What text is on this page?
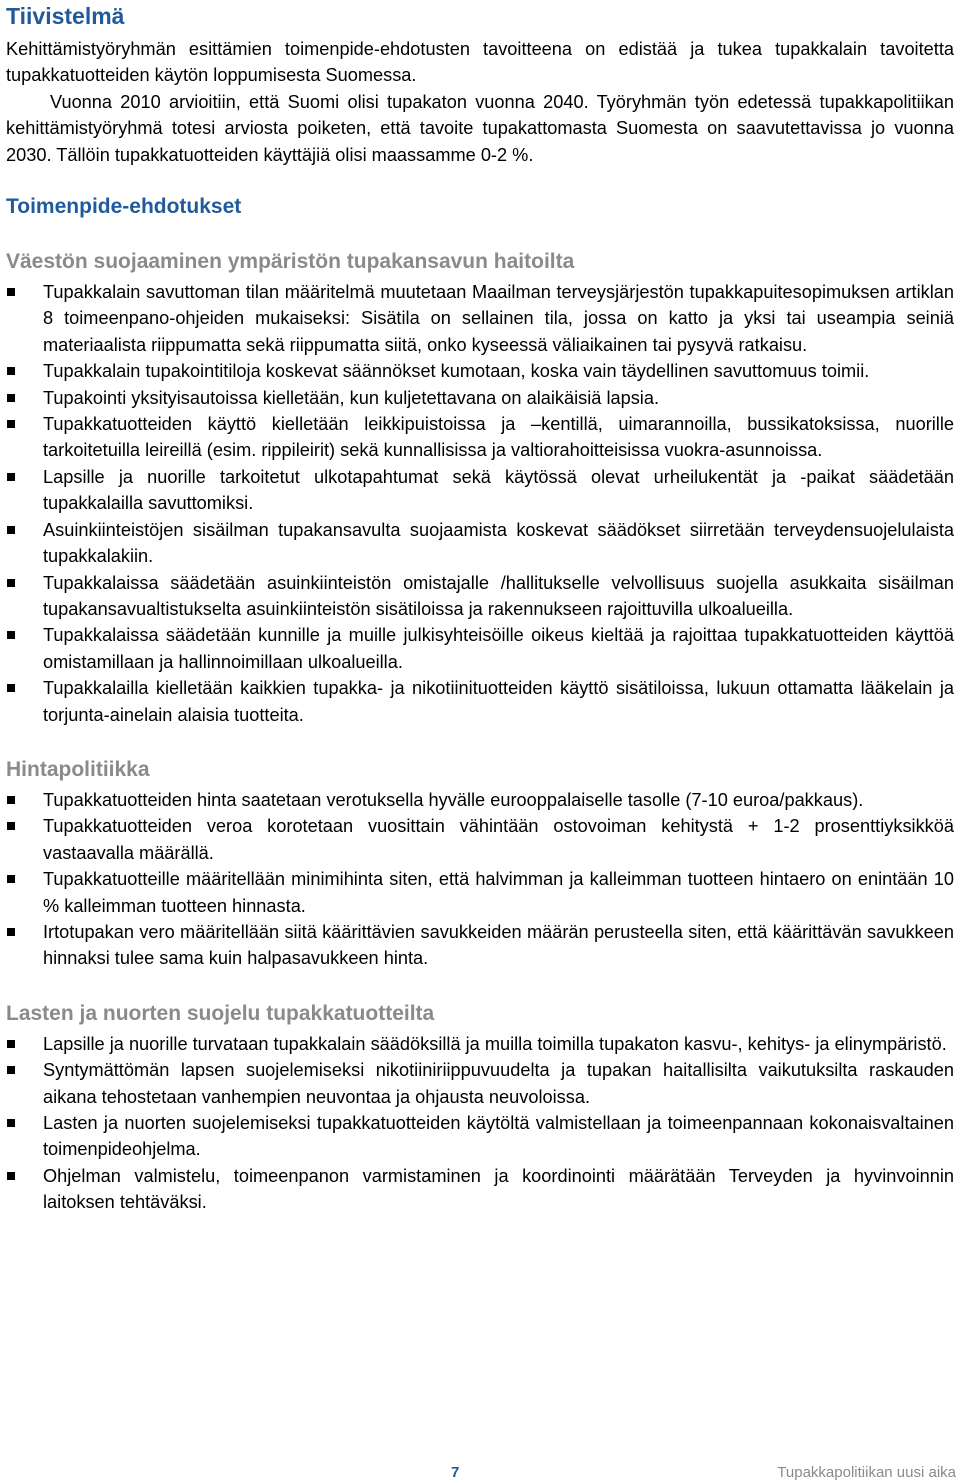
Tiivistelmä

Kehittämistyöryhmän esittämien toimenpide-ehdotusten tavoitteena on edistää ja tukea tupakkalain tavoitetta tupakkatuotteiden käytön loppumisesta Suomessa.
Vuonna 2010 arvioitiin, että Suomi olisi tupakaton vuonna 2040. Työryhmän työn edetessä tupakkapolitiikan kehittämistyöryhmä totesi arviosta poiketen, että tavoite tupakattomasta Suomesta on saavutettavissa jo vuonna 2030. Tällöin tupakkatuotteiden käyttäjiä olisi maassamme 0-2 %.

Toimenpide-ehdotukset
Väestön suojaaminen ympäristön tupakansavun haitoilta
Tupakkalain savuttoman tilan määritelmä muutetaan Maailman terveysjärjestön tupakkapuitesopimuksen artiklan 8 toimeenpano-ohjeiden mukaiseksi: Sisätila on sellainen tila, jossa on katto ja yksi tai useampia seiniä materiaalista riippumatta sekä riippumatta siitä, onko kyseessä väliaikainen tai pysyvä ratkaisu.
Tupakkalain tupakointitiloja koskevat säännökset kumotaan, koska vain täydellinen savuttomuus toimii.
Tupakointi yksityisautoissa kielletään, kun kuljetettavana on alaikäisiä lapsia.
Tupakkatuotteiden käyttö kielletään leikkipuistoissa ja –kentillä, uimarannoilla, bussikatoksissa, nuorille tarkoitetuilla leireillä (esim. rippileirit) sekä kunnallisissa ja valtiorahoitteisissa vuokra-asunnoissa.
Lapsille ja nuorille tarkoitetut ulkotapahtumat sekä käytössä olevat urheilukentät ja -paikat säädetään tupakkalailla savuttomiksi.
Asuinkiinteistöjen sisäilman tupakansavulta suojaamista koskevat säädökset siirretään terveydensuojelulaista tupakkalakiin.
Tupakkalaissa säädetään asuinkiinteistön omistajalle /hallitukselle velvollisuus suojella asukkaita sisäilman tupakansavualtistukselta asuinkiinteistön sisätiloissa ja rakennukseen rajoittuvilla ulkoalueilla.
Tupakkalaissa säädetään kunnille ja muille julkisyhteisöille oikeus kieltää ja rajoittaa tupakkatuotteiden käyttöä omistamillaan ja hallinnoimillaan ulkoalueilla.
Tupakkalailla kielletään kaikkien tupakka- ja nikotiinituotteiden käyttö sisätiloissa, lukuun ottamatta lääkelain ja torjunta-ainelain alaisia tuotteita.
Hintapolitiikka
Tupakkatuotteiden hinta saatetaan verotuksella hyvälle eurooppalaiselle tasolle (7-10 euroa/pakkaus).
Tupakkatuotteiden veroa korotetaan vuosittain vähintään ostovoiman kehitystä + 1-2 prosenttiyksikköä vastaavalla määrällä.
Tupakkatuotteille määritellään minimihinta siten, että halvimman ja kalleimman tuotteen hintaero on enintään 10 % kalleimman tuotteen hinnasta.
Irtotupakan vero määritellään siitä käärittävien savukkeiden määrän perusteella siten, että käärittävän savukkeen hinnaksi tulee sama kuin halpasavukkeen hinta.
Lasten ja nuorten suojelu tupakkatuotteilta
Lapsille ja nuorille turvataan tupakkalain säädöksillä ja muilla toimilla tupakaton kasvu-, kehitys- ja elinympäristö.
Syntymättömän lapsen suojelemiseksi nikotiiniriippuvuudelta ja tupakan haitallisilta vaikutuksilta raskauden aikana tehostetaan vanhempien neuvontaa ja ohjausta neuvoloissa.
Lasten ja nuorten suojelemiseksi tupakkatuotteiden käytöltä valmistellaan ja toimeenpannaan kokonaisvaltainen toimenpideohjelma.
Ohjelman valmistelu, toimeenpanon varmistaminen ja koordinointi määrätään Terveyden ja hyvinvoinnin laitoksen tehtäväksi.
7	Tupakkapolitiikan uusi aika
